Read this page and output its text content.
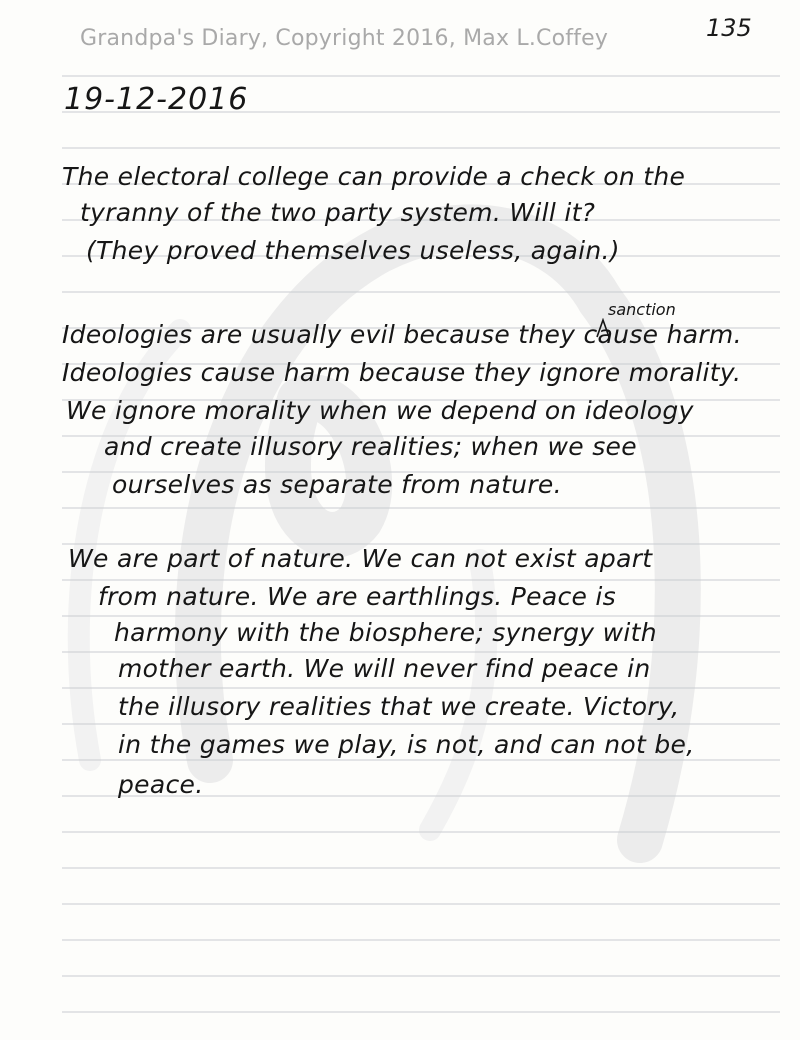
Grandpa's Diary, Copyright 2016, Max L.Coffey	135
19-12-2016
The electoral college can provide a check on the
tyranny of the two party system. Will it?
(They proved themselves useless, again.)
sanction
Ideologies are usually evil because they cause harm.
Ideologies cause harm because they ignore morality.
We ignore morality when we depend on ideology
and create illusory realities; when we see
ourselves as separate from nature.
We are part of nature. We can not exist apart
from nature. We are earthlings. Peace is
harmony with the biosphere; synergy with
mother earth. We will never find peace in
the illusory realities that we create. Victory,
in the games we play, is not, and can not be,
peace.
